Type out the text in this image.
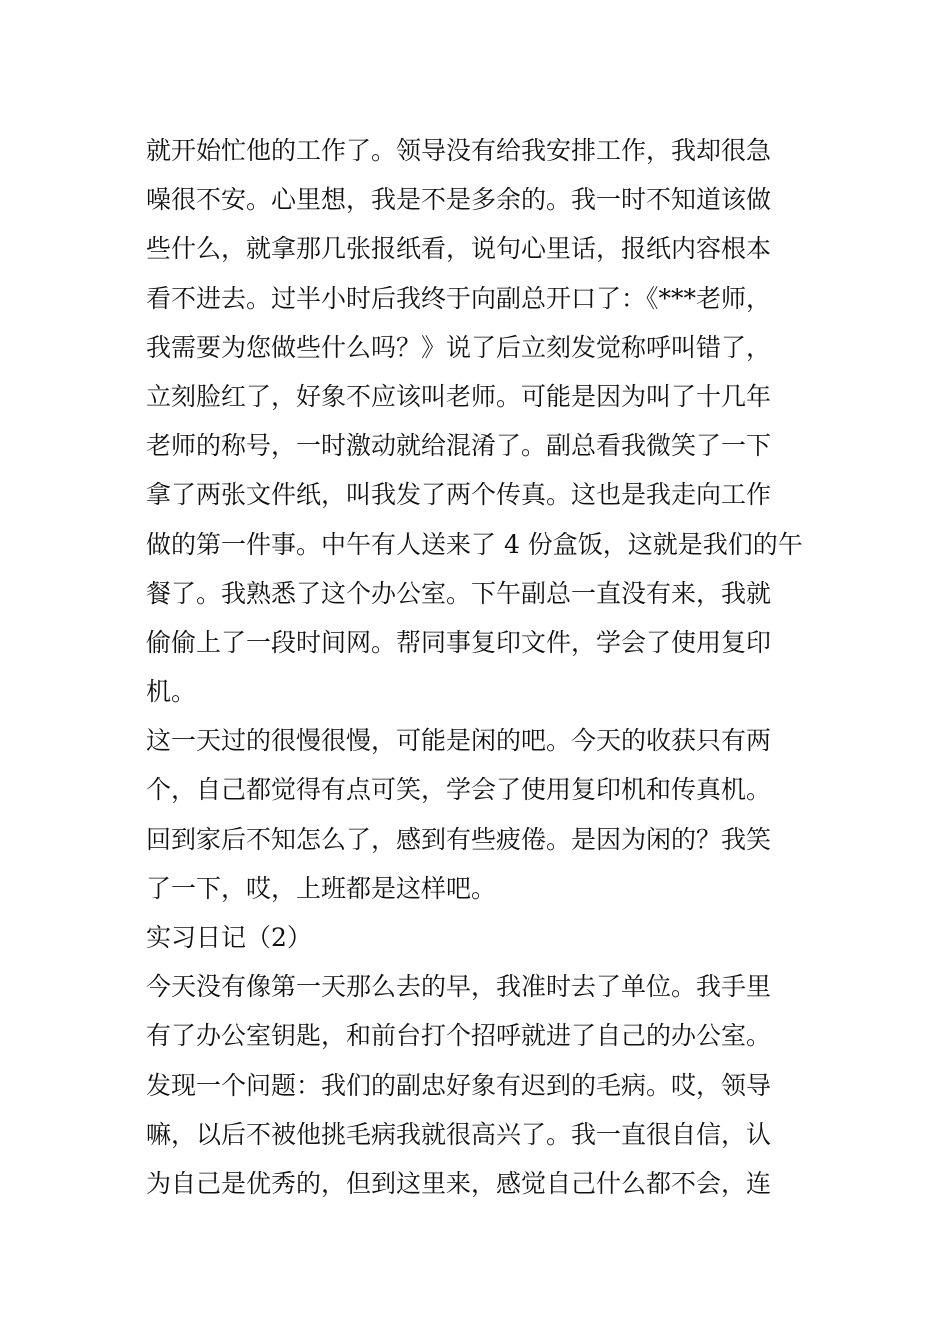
就开始忙他的工作了。领导没有给我安排工作，我却很急
噪很不安。心里想，我是不是多余的。我一时不知道该做
些什么，就拿那几张报纸看，说句心里话，报纸内容根本
看不进去。过半小时后我终于向副总开口了：《***老师，
我需要为您做些什么吗？》说了后立刻发觉称呼叫错了，
立刻脸红了，好象不应该叫老师。可能是因为叫了十几年
老师的称号，一时激动就给混淆了。副总看我微笑了一下
拿了两张文件纸，叫我发了两个传真。这也是我走向工作
做的第一件事。中午有人送来了 4 份盒饭，这就是我们的午
餐了。我熟悉了这个办公室。下午副总一直没有来，我就
偷偷上了一段时间网。帮同事复印文件，学会了使用复印
机。
这一天过的很慢很慢，可能是闲的吧。今天的收获只有两
个，自己都觉得有点可笑，学会了使用复印机和传真机。
回到家后不知怎么了，感到有些疲倦。是因为闲的？我笑
了一下，哎，上班都是这样吧。
实习日记（2）
今天没有像第一天那么去的早，我准时去了单位。我手里
有了办公室钥匙，和前台打个招呼就进了自己的办公室。
发现一个问题：我们的副忠好象有迟到的毛病。哎，领导
嘛，以后不被他挑毛病我就很高兴了。我一直很自信，认
为自己是优秀的，但到这里来，感觉自己什么都不会，连
